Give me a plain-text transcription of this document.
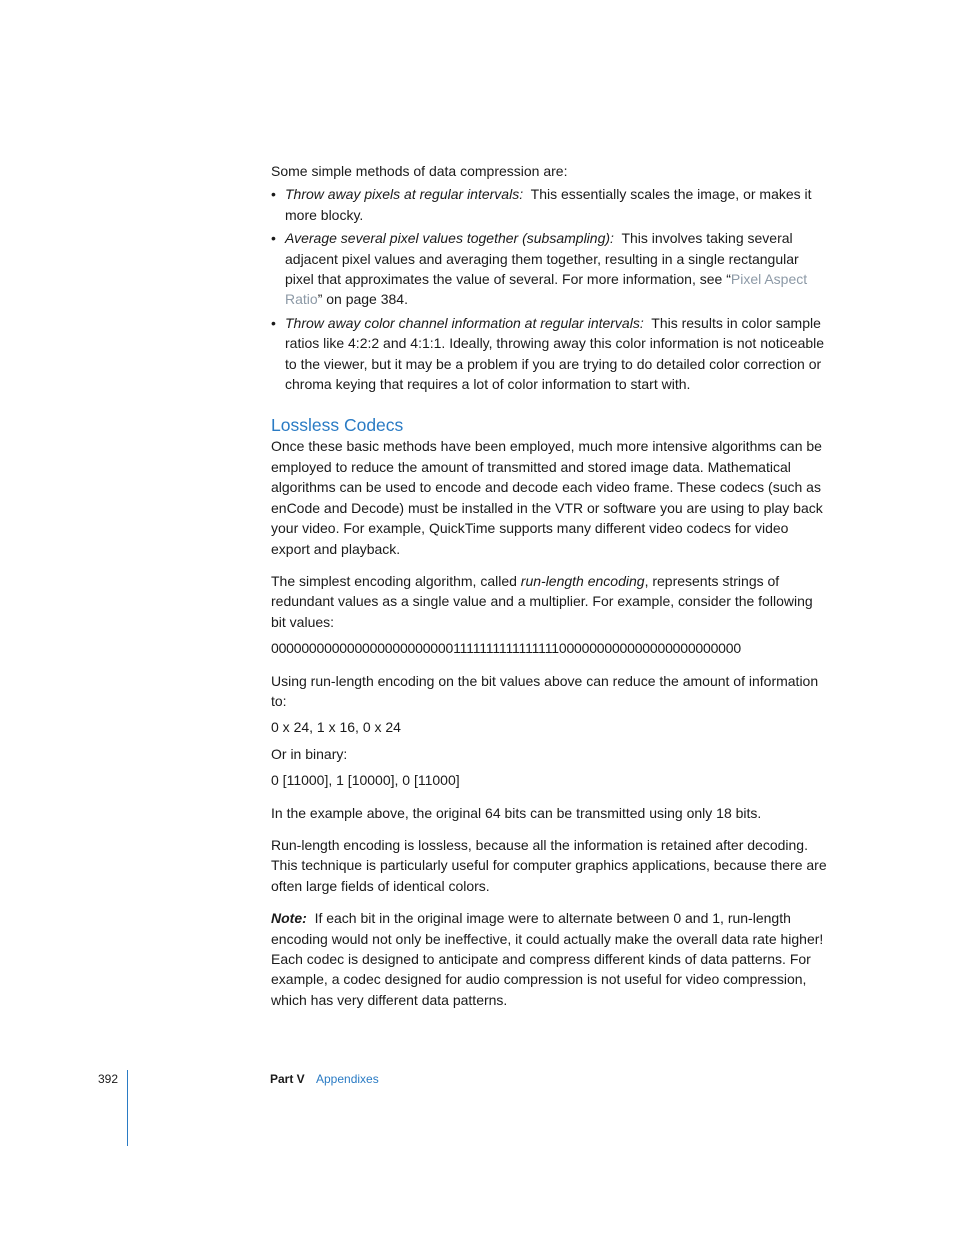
Some simple methods of data compression are:

• Throw away pixels at regular intervals: This essentially scales the image, or makes it more blocky.
• Average several pixel values together (subsampling): This involves taking several adjacent pixel values and averaging them together, resulting in a single rectangular pixel that approximates the value of several. For more information, see “Pixel Aspect Ratio” on page 384.
• Throw away color channel information at regular intervals: This results in color sample ratios like 4:2:2 and 4:1:1. Ideally, throwing away this color information is not noticeable to the viewer, but it may be a problem if you are trying to do detailed color correction or chroma keying that requires a lot of color information to start with.
Lossless Codecs

Once these basic methods have been employed, much more intensive algorithms can be employed to reduce the amount of transmitted and stored image data. Mathematical algorithms can be used to encode and decode each video frame. These codecs (such as enCode and Decode) must be installed in the VTR or software you are using to play back your video. For example, QuickTime supports many different video codecs for video export and playback.

The simplest encoding algorithm, called run-length encoding, represents strings of redundant values as a single value and a multiplier. For example, consider the following bit values:

0000000000000000000000001111111111111111000000000000000000000000

Using run-length encoding on the bit values above can reduce the amount of information to:

0 x 24, 1 x 16, 0 x 24

Or in binary:

0 [11000], 1 [10000], 0 [11000]

In the example above, the original 64 bits can be transmitted using only 18 bits.

Run-length encoding is lossless, because all the information is retained after decoding. This technique is particularly useful for computer graphics applications, because there are often large fields of identical colors.

Note: If each bit in the original image were to alternate between 0 and 1, run-length encoding would not only be ineffective, it could actually make the overall data rate higher! Each codec is designed to anticipate and compress different kinds of data patterns. For example, a codec designed for audio compression is not useful for video compression, which has very different data patterns.

392	Part V Appendixes
